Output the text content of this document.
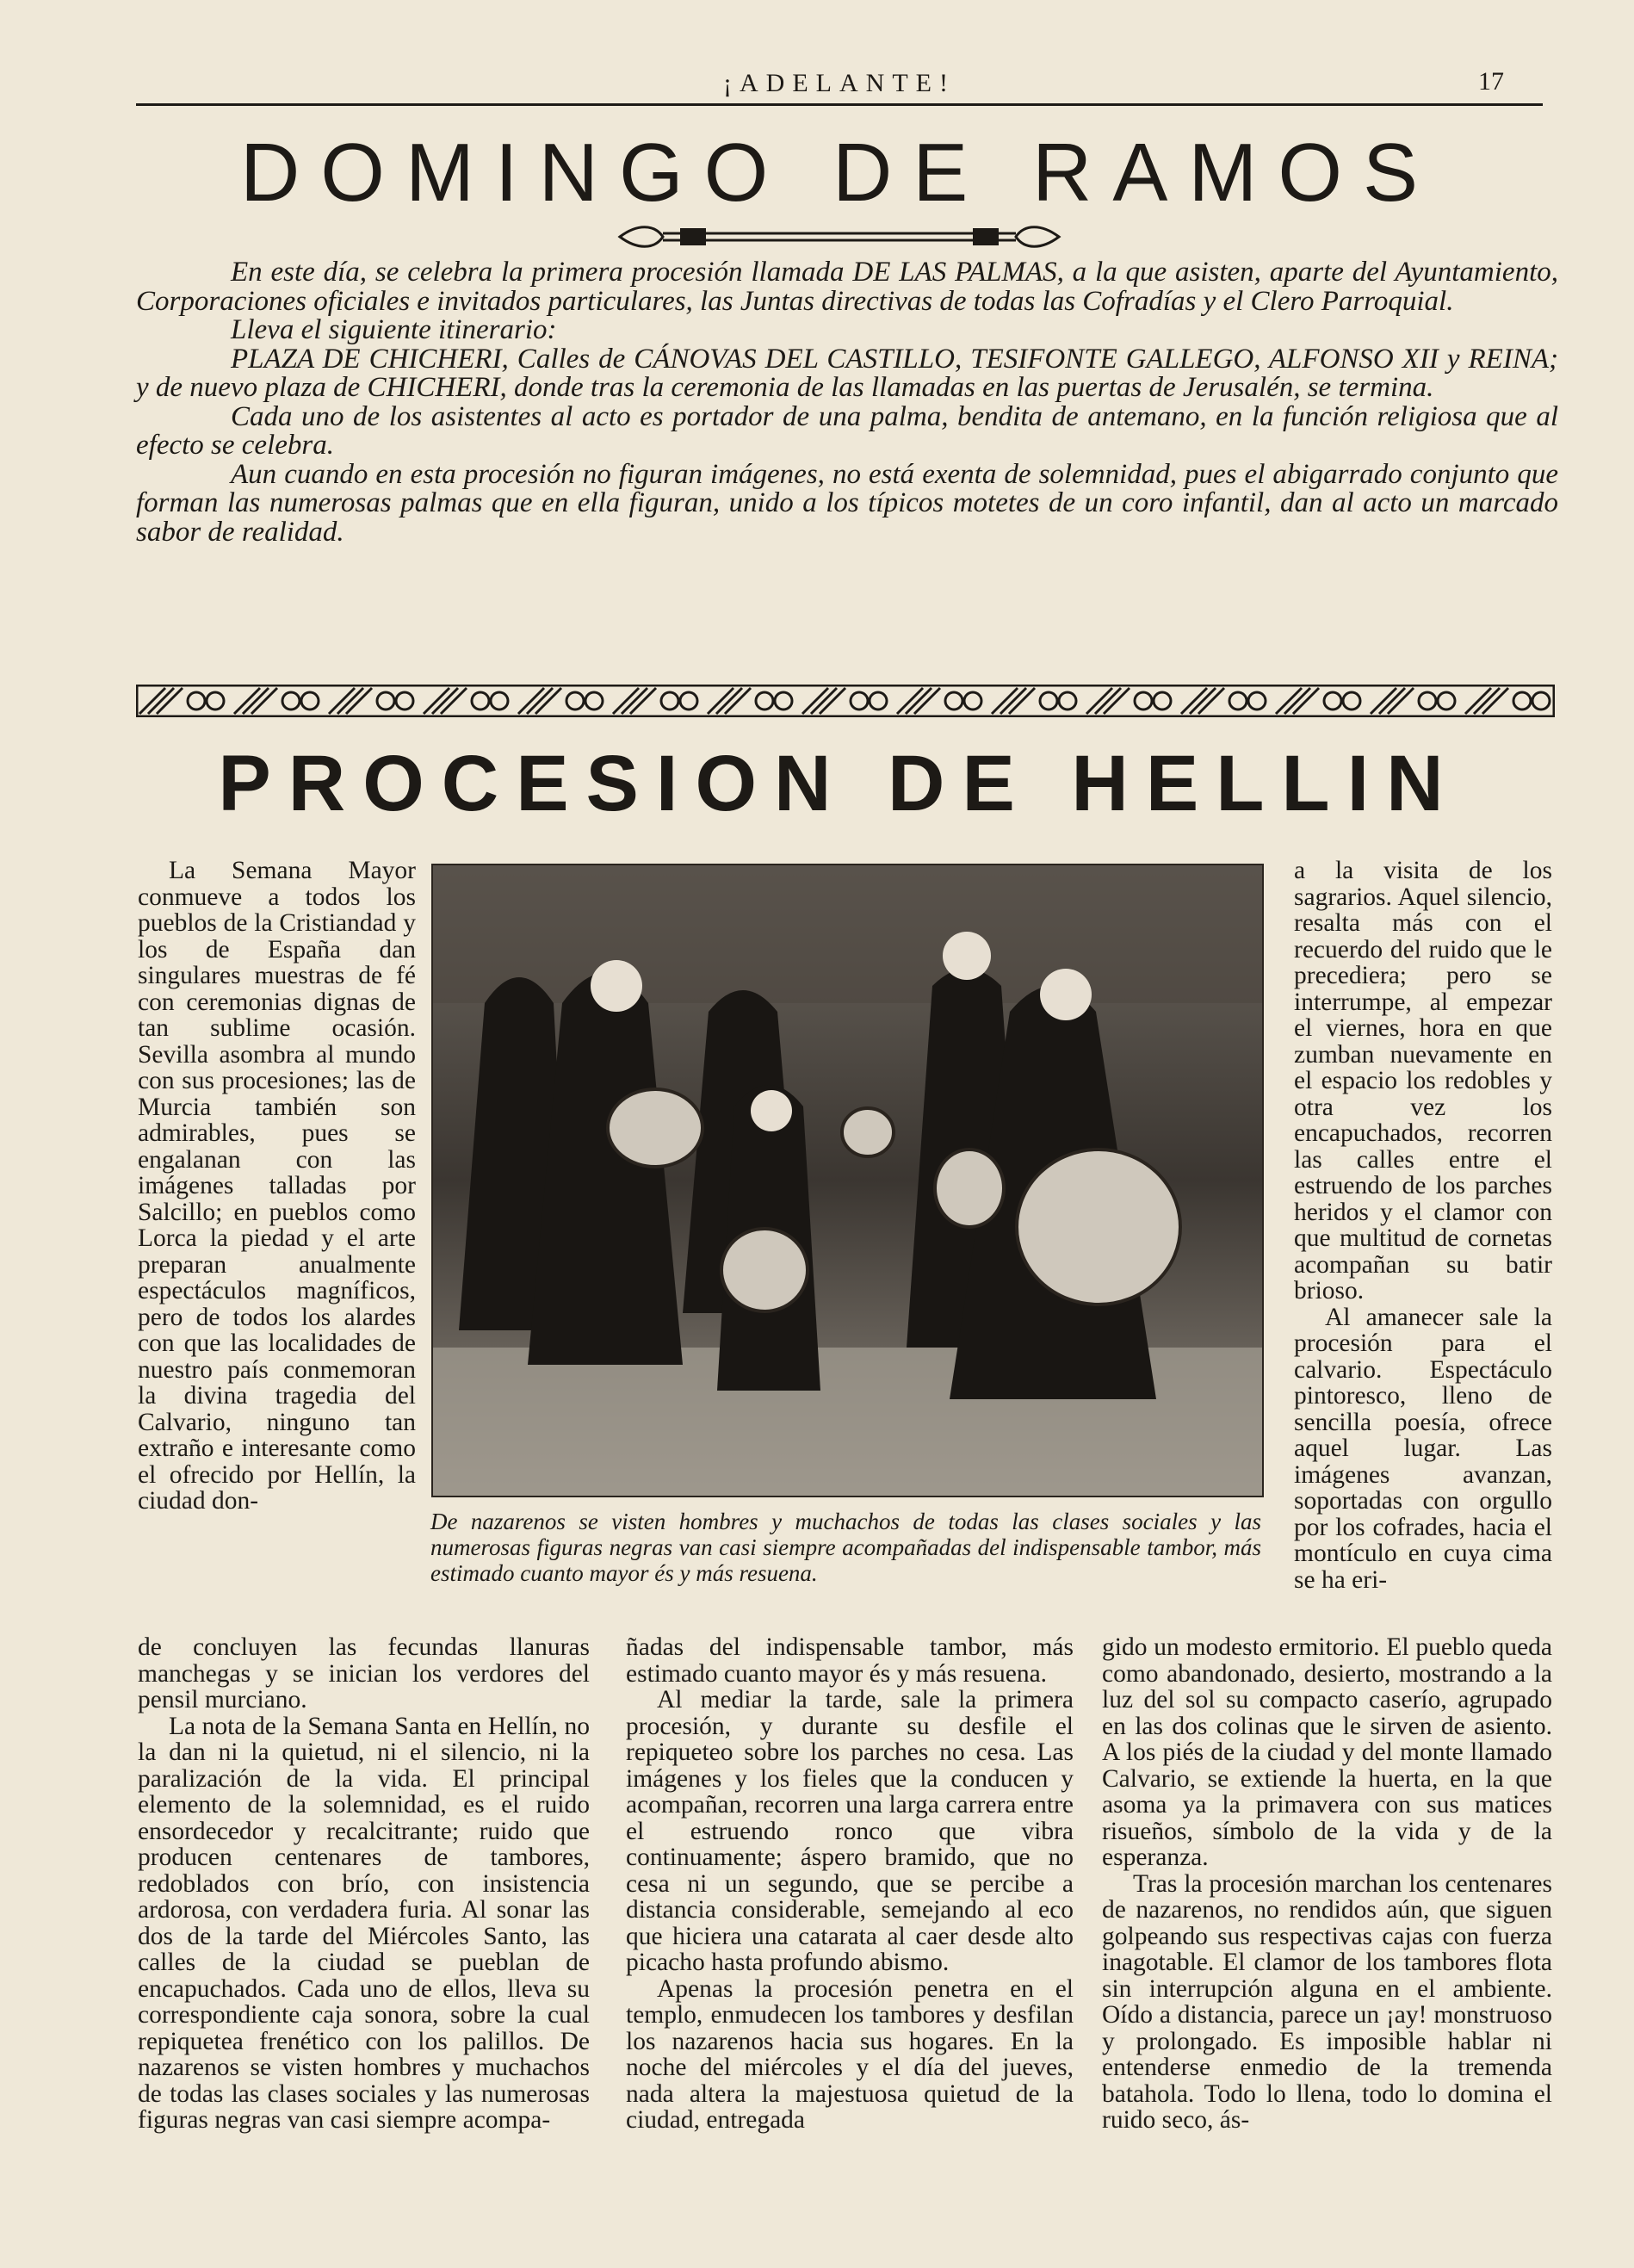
¡ADELANTE!	17
DOMINGO DE RAMOS

En este día, se celebra la primera procesión llamada DE LAS PALMAS, a la que asisten, aparte del Ayuntamiento, Corporaciones oficiales e invitados particulares, las Juntas directivas de todas las Cofradías y el Clero Parroquial.

Lleva el siguiente itinerario:

PLAZA DE CHICHERI, Calles de CÁNOVAS DEL CASTILLO, TESIFONTE GALLEGO, ALFONSO XII y REINA; y de nuevo plaza de CHICHERI, donde tras la ceremonia de las llamadas en las puertas de Jerusalén, se termina.

Cada uno de los asistentes al acto es portador de una palma, bendita de antemano, en la función religiosa que al efecto se celebra.

Aun cuando en esta procesión no figuran imágenes, no está exenta de solemnidad, pues el abigarrado conjunto que forman las numerosas palmas que en ella figuran, unido a los típicos motetes de un coro infantil, dan al acto un marcado sabor de realidad.

PROCESION DE HELLIN

La Semana Mayor conmueve a todos los pueblos de la Cristiandad y los de España dan singulares muestras de fé con ceremonias dignas de tan sublime ocasión. Sevilla asombra al mundo con sus procesiones; las de Murcia también son admirables, pues se engalanan con las imágenes talladas por Salcillo; en pueblos como Lorca la piedad y el arte preparan anualmente espectáculos magníficos, pero de todos los alardes con que las localidades de nuestro país conmemoran la divina tragedia del Calvario, ninguno tan extraño e interesante como el ofrecido por Hellín, la ciudad don-

De nazarenos se visten hombres y muchachos de todas las clases sociales y las numerosas figuras negras van casi siempre acompañadas del indispensable tambor, más estimado cuanto mayor és y más resuena.

a la visita de los sagrarios. Aquel silencio, resalta más con el recuerdo del ruido que le precediera; pero se interrumpe, al empezar el viernes, hora en que zumban nuevamente en el espacio los redobles y otra vez los encapuchados, recorren las calles entre el estruendo de los parches heridos y el clamor con que multitud de cornetas acompañan su batir brioso.

Al amanecer sale la procesión para el calvario. Espectáculo pintoresco, lleno de sencilla poesía, ofrece aquel lugar. Las imágenes avanzan, soportadas con orgullo por los cofrades, hacia el montículo en cuya cima se ha eri-

de concluyen las fecundas llanuras manchegas y se inician los verdores del pensil murciano.

La nota de la Semana Santa en Hellín, no la dan ni la quietud, ni el silencio, ni la paralización de la vida. El principal elemento de la solemnidad, es el ruido ensordecedor y recalcitrante; ruido que producen centenares de tambores, redoblados con brío, con insistencia ardorosa, con verdadera furia. Al sonar las dos de la tarde del Miércoles Santo, las calles de la ciudad se pueblan de encapuchados. Cada uno de ellos, lleva su correspondiente caja sonora, sobre la cual repiquetea frenético con los palillos. De nazarenos se visten hombres y muchachos de todas las clases sociales y las numerosas figuras negras van casi siempre acompa-

ñadas del indispensable tambor, más estimado cuanto mayor és y más resuena.

Al mediar la tarde, sale la primera procesión, y durante su desfile el repiqueteo sobre los parches no cesa. Las imágenes y los fieles que la conducen y acompañan, recorren una larga carrera entre el estruendo ronco que vibra continuamente; áspero bramido, que no cesa ni un segundo, que se percibe a distancia considerable, semejando al eco que hiciera una catarata al caer desde alto picacho hasta profundo abismo.

Apenas la procesión penetra en el templo, enmudecen los tambores y desfilan los nazarenos hacia sus hogares. En la noche del miércoles y el día del jueves, nada altera la majestuosa quietud de la ciudad, entregada

gido un modesto ermitorio. El pueblo queda como abandonado, desierto, mostrando a la luz del sol su compacto caserío, agrupado en las dos colinas que le sirven de asiento. A los piés de la ciudad y del monte llamado Calvario, se extiende la huerta, en la que asoma ya la primavera con sus matices risueños, símbolo de la vida y de la esperanza.

Tras la procesión marchan los centenares de nazarenos, no rendidos aún, que siguen golpeando sus respectivas cajas con fuerza inagotable. El clamor de los tambores flota sin interrupción alguna en el ambiente. Oído a distancia, parece un ¡ay! monstruoso y prolongado. Es imposible hablar ni entenderse enmedio de la tremenda batahola. Todo lo llena, todo lo domina el ruido seco, ás-
